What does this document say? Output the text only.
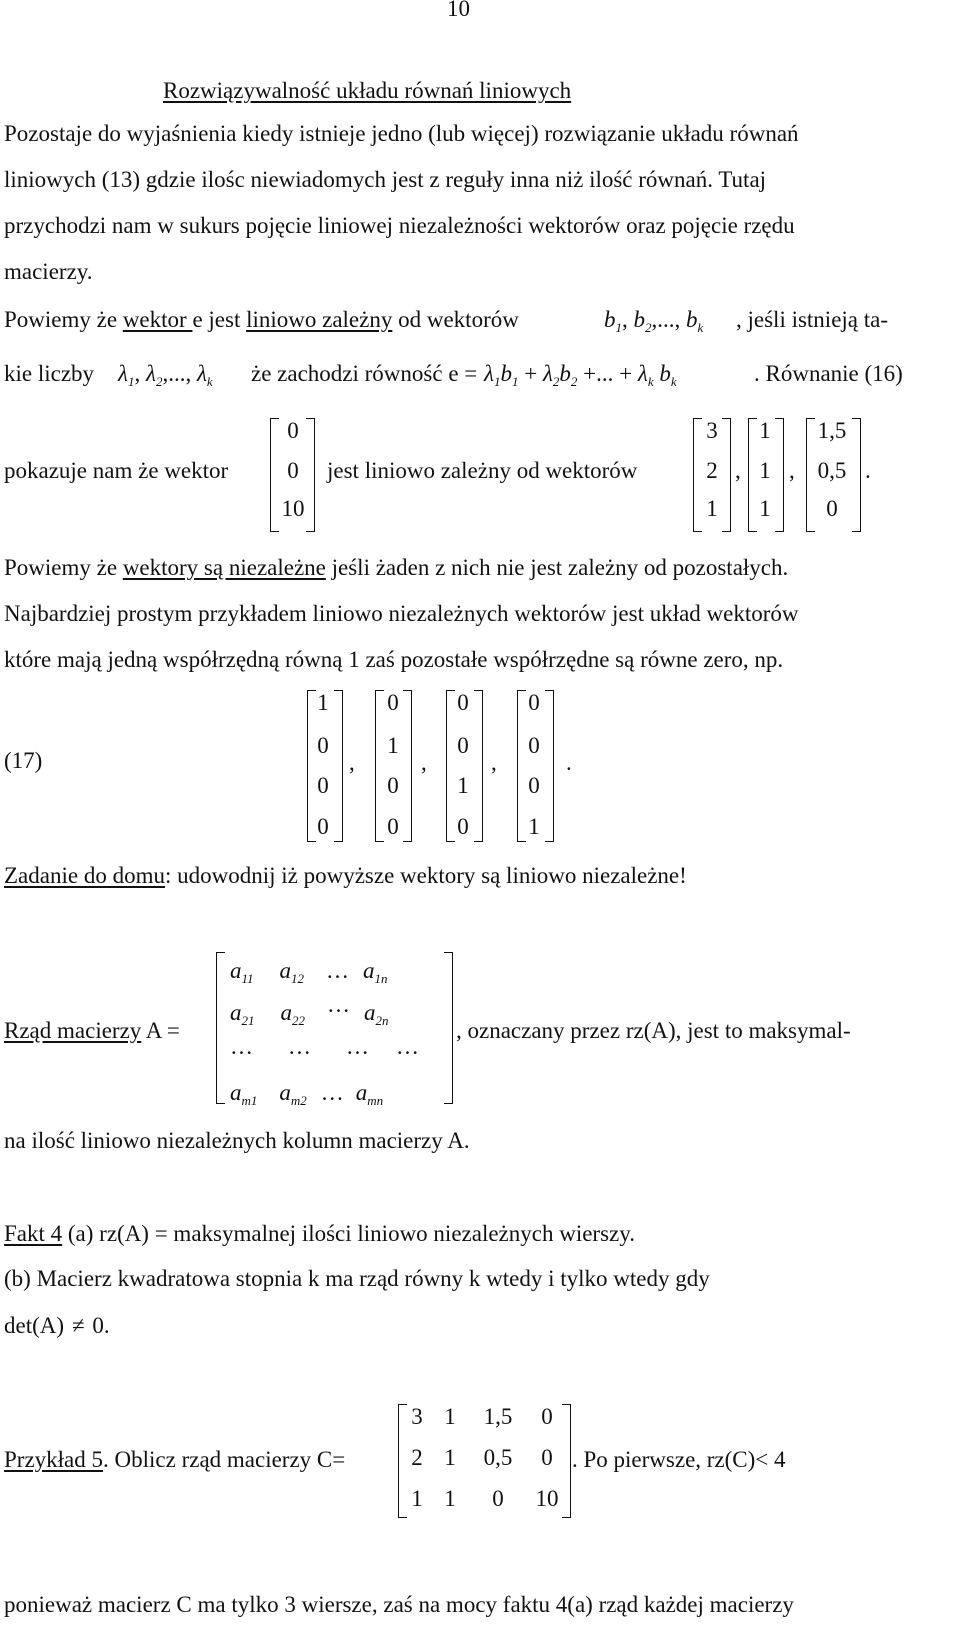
10
Rozwiązywalność układu równań liniowych
Pozostaje do wyjaśnienia kiedy istnieje jedno (lub więcej) rozwiązanie układu równań
liniowych (13) gdzie ilośc niewiadomych jest z reguły inna niż ilość równań. Tutaj
przychodzi nam w sukurs pojęcie liniowej niezależności wektorów oraz pojęcie rzędu
macierzy.
Powiemy że wektor e jest liniowo zależny od wektorów	$b_1$, $b_2$,..., $b_k$ , jeśli istnieją ta-
kie liczby $\lambda_1$, $\lambda_2$,..., $\lambda_k$ że zachodzi równość $e = \lambda_1b_1 + \lambda_2b_2$ +... + $\lambda_k$ $b_k$	. Równanie (16)
pokazuje nam że wektor
0
0
10
jest liniowo zależny od wektorów
3
2
1
,
1
1
1
,
1,5
0,5
0
.
Powiemy że wektory są niezależne jeśli żaden z nich nie jest zależny od pozostałych.
Najbardziej prostym przykładem liniowo niezależnych wektorów jest układ wektorów
które mają jedną współrzędną równą 1 zaś pozostałe współrzędne są równe zero, np.
(17)
1
0
0
0
,
0
1
0
0
,
0
0
1
0
,
0
0
0
1
.
Zadanie do domu: udowodnij iż powyższe wektory są liniowo niezależne!
Rząd macierzy A =
$a_{11}$ $a_{12}$ … $a_{1n}$
$a_{21}$ $a_{22}\dots$ $a_{2n}$
… … … …
$a_{m1}$ $a_{m2}$ … $a_{mn}$
, oznaczany przez rz(A), jest to maksymal-
na ilość liniowo niezależnych kolumn macierzy A.
Fakt 4 (a) rz(A) = maksymalnej ilości liniowo niezależnych wierszy.
(b) Macierz kwadratowa stopnia k ma rząd równy k wtedy i tylko wtedy gdy
det(A) ≠ 0.
Przykład 5. Oblicz rząd macierzy C=
3 1	1,5	0
2 1	0,5	0
1 1	0	10
. Po pierwsze, rz(C)< 4
ponieważ macierz C ma tylko 3 wiersze, zaś na mocy faktu 4(a) rząd każdej macierzy
